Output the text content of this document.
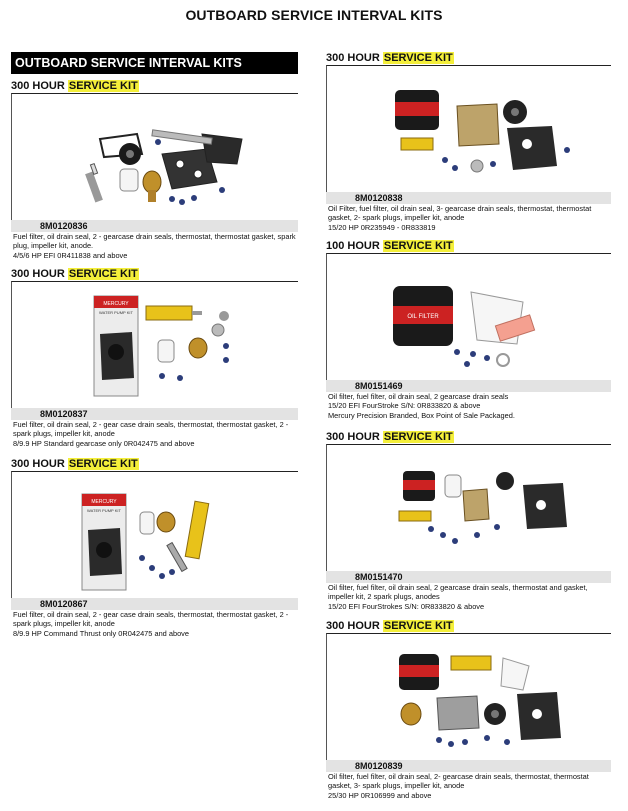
OUTBOARD SERVICE INTERVAL KITS
OUTBOARD SERVICE INTERVAL KITS
300 HOUR SERVICE KIT
8M0120836
Fuel filter, oil drain seal, 2 - gearcase drain seals, thermostat, thermostat gasket, spark plug, impeller kit, anode.
4/5/6 HP EFI 0R411838 and above
300 HOUR SERVICE KIT
MERCURY
WATER PUMP KIT
8M0120837
Fuel filter, oil drain seal, 2 - gear case drain seals, thermostat, thermostat gasket, 2 - spark plugs, impeller kit, anode
8/9.9 HP Standard gearcase only 0R042475 and above
300 HOUR SERVICE KIT
MERCURY
WATER PUMP KIT
8M0120867
Fuel filter, oil drain seal, 2 - gear case drain seals, thermostat, thermostat gasket, 2 - spark plugs, impeller kit, anode
8/9.9 HP Command Thrust only 0R042475 and above
300 HOUR SERVICE KIT
8M0120838
Oil Filter, fuel filter, oil drain seal, 3- gearcase drain seals, thermostat, thermostat gasket, 2- spark plugs, impeller kit, anode
15/20 HP 0R235949 - 0R833819
100 HOUR SERVICE KIT
OIL FILTER
8M0151469
Oil filter, fuel filter, oil drain seal, 2 gearcase drain seals
15/20 EFI FourStroke S/N: 0R833820 & above
Mercury Precision Branded, Box Point of Sale Packaged.
300 HOUR SERVICE KIT
8M0151470
Oil filter, fuel filter, oil drain seal, 2 gearcase drain seals, thermostat and gasket, impeller kit, 2 spark plugs, anodes
15/20 EFI FourStrokes S/N: 0R833820 & above
300 HOUR SERVICE KIT
8M0120839
Oil filter, fuel filter, oil drain seal, 2- gearcase drain seals, thermostat, thermostat gasket, 3- spark plugs, impeller kit, anode
25/30 HP 0R106999 and above
